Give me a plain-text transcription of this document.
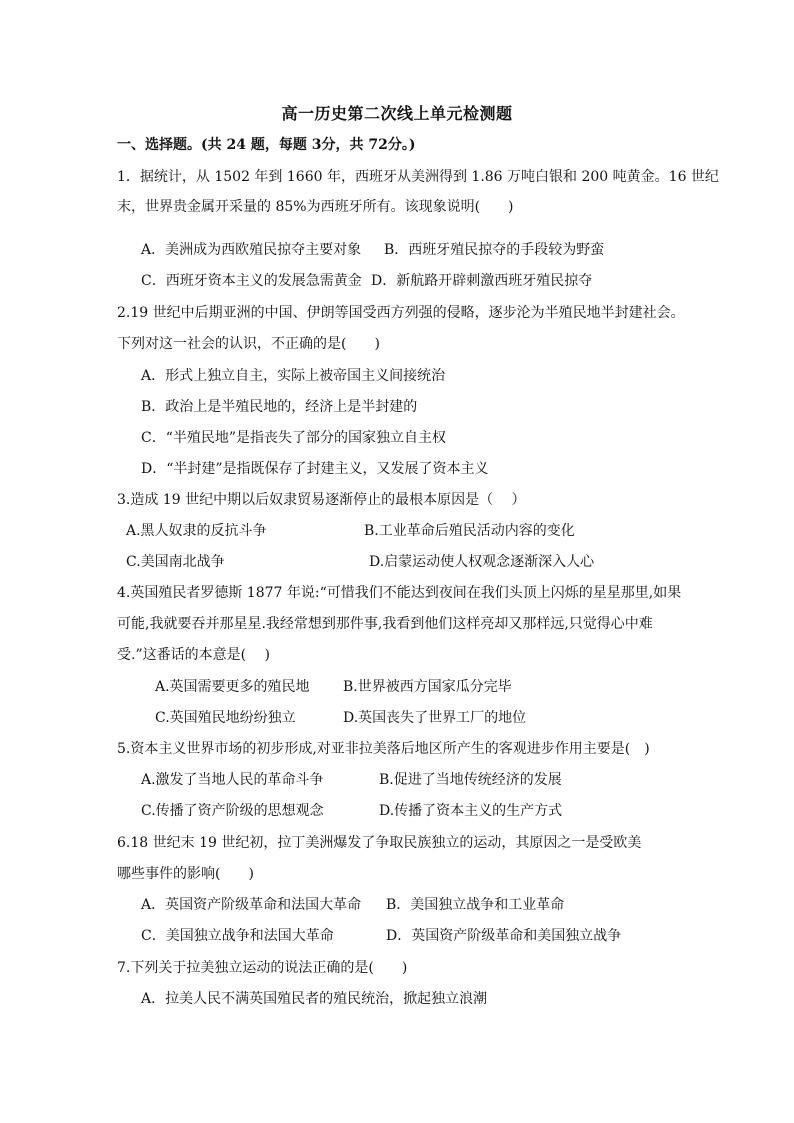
高一历史第二次线上单元检测题
一、选择题。(共 24 题，每题 3分，共 72分。)
1．据统计，从 1502 年到 1660 年，西班牙从美洲得到 1.86 万吨白银和 200 吨黄金。16 世纪
末，世界贵金属开采量的 85%为西班牙所有。该现象说明(　　)
A．美洲成为西欧殖民掠夺主要对象 B．西班牙殖民掠夺的手段较为野蛮
C．西班牙资本主义的发展急需黄金 D．新航路开辟刺激西班牙殖民掠夺
2.19 世纪中后期亚洲的中国、伊朗等国受西方列强的侵略，逐步沦为半殖民地半封建社会。
下列对这一社会的认识，不正确的是(　　)
A．形式上独立自主，实际上被帝国主义间接统治
B．政治上是半殖民地的，经济上是半封建的
C．“半殖民地”是指丧失了部分的国家独立自主权
D．“半封建”是指既保存了封建主义，又发展了资本主义
3.造成 19 世纪中期以后奴隶贸易逐渐停止的最根本原因是（　 ）
A.黑人奴隶的反抗斗争	B.工业革命后殖民活动内容的变化
C.美国南北战争	D.启蒙运动使人权观念逐渐深入人心
4.英国殖民者罗德斯 1877 年说:“可惜我们不能达到夜间在我们头顶上闪烁的星星那里,如果
可能,我就要吞并那星星.我经常想到那件事,我看到他们这样亮却又那样远,只觉得心中难
受.”这番话的本意是(　 )
A.英国需要更多的殖民地 B.世界被西方国家瓜分完毕
C.英国殖民地纷纷独立	D.英国丧失了世界工厂的地位
5.资本主义世界市场的初步形成,对亚非拉美落后地区所产生的客观进步作用主要是(　)
A.激发了当地人民的革命斗争	B.促进了当地传统经济的发展
C.传播了资产阶级的思想观念	D.传播了资本主义的生产方式
6.18 世纪末 19 世纪初，拉丁美洲爆发了争取民族独立的运动，其原因之一是受欧美
哪些事件的影响(　　)
A．英国资产阶级革命和法国大革命 B．美国独立战争和工业革命
C．美国独立战争和法国大革命	D．英国资产阶级革命和美国独立战争
7.下列关于拉美独立运动的说法正确的是(　　)
A．拉美人民不满英国殖民者的殖民统治，掀起独立浪潮
